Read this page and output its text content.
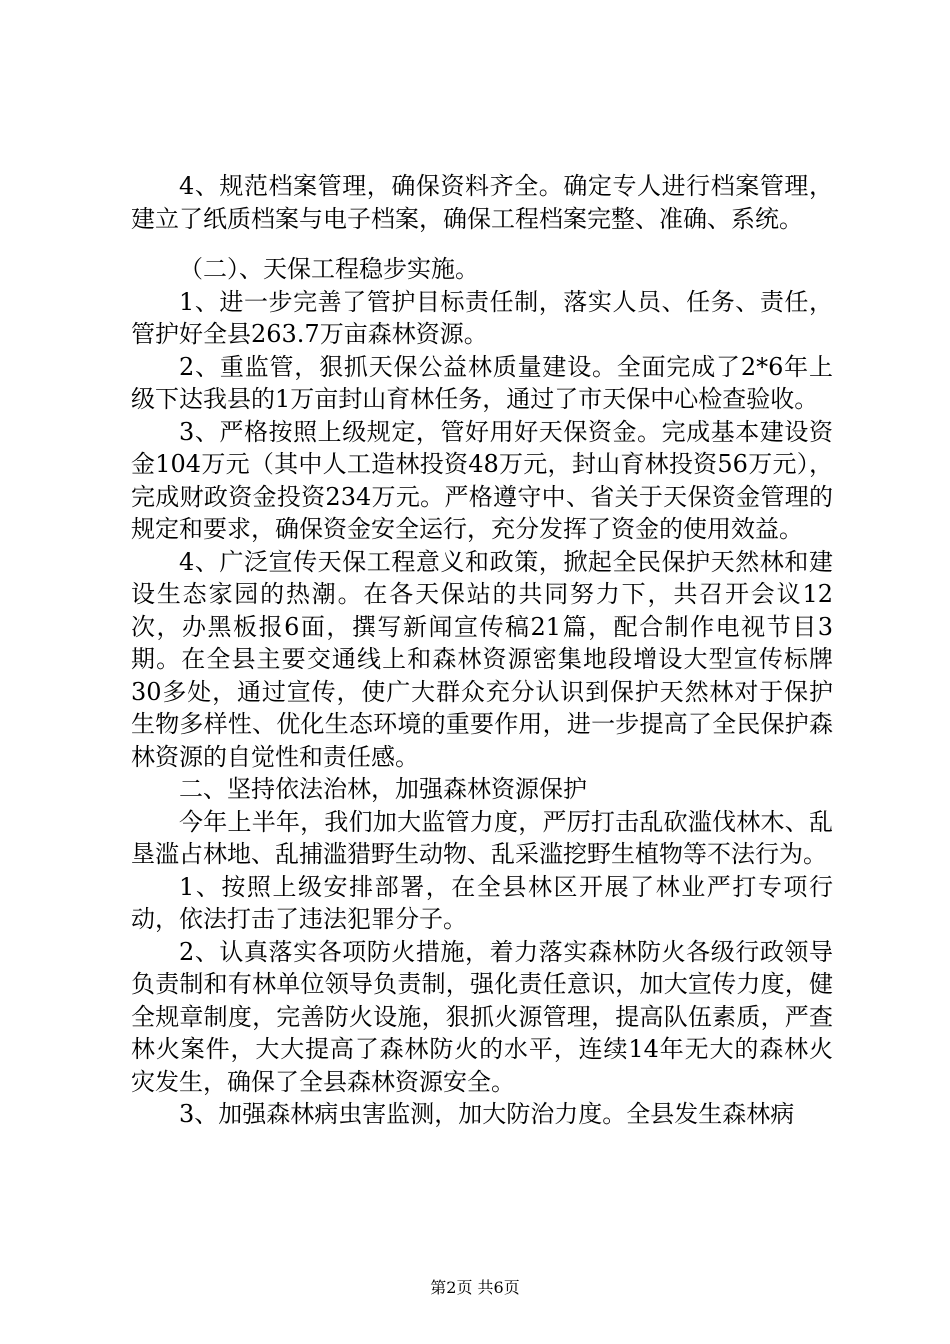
4、规范档案管理，确保资料齐全。确定专人进行档案管理，建立了纸质档案与电子档案，确保工程档案完整、准确、系统。

（二）、天保工程稳步实施。

1、进一步完善了管护目标责任制，落实人员、任务、责任，管护好全县263.7万亩森林资源。

2、重监管，狠抓天保公益林质量建设。全面完成了2*6年上级下达我县的1万亩封山育林任务，通过了市天保中心检查验收。

3、严格按照上级规定，管好用好天保资金。完成基本建设资金104万元（其中人工造林投资48万元，封山育林投资56万元），完成财政资金投资234万元。严格遵守中、省关于天保资金管理的规定和要求，确保资金安全运行，充分发挥了资金的使用效益。

4、广泛宣传天保工程意义和政策，掀起全民保护天然林和建设生态家园的热潮。在各天保站的共同努力下，共召开会议12次，办黑板报6面，撰写新闻宣传稿21篇，配合制作电视节目3期。在全县主要交通线上和森林资源密集地段增设大型宣传标牌30多处，通过宣传，使广大群众充分认识到保护天然林对于保护生物多样性、优化生态环境的重要作用，进一步提高了全民保护森林资源的自觉性和责任感。

二、坚持依法治林，加强森林资源保护

今年上半年，我们加大监管力度，严厉打击乱砍滥伐林木、乱垦滥占林地、乱捕滥猎野生动物、乱采滥挖野生植物等不法行为。

1、按照上级安排部署，在全县林区开展了林业严打专项行动，依法打击了违法犯罪分子。

2、认真落实各项防火措施，着力落实森林防火各级行政领导负责制和有林单位领导负责制，强化责任意识，加大宣传力度，健全规章制度，完善防火设施，狠抓火源管理，提高队伍素质，严查林火案件，大大提高了森林防火的水平，连续14年无大的森林火灾发生，确保了全县森林资源安全。

3、加强森林病虫害监测，加大防治力度。全县发生森林病

第2页 共6页
